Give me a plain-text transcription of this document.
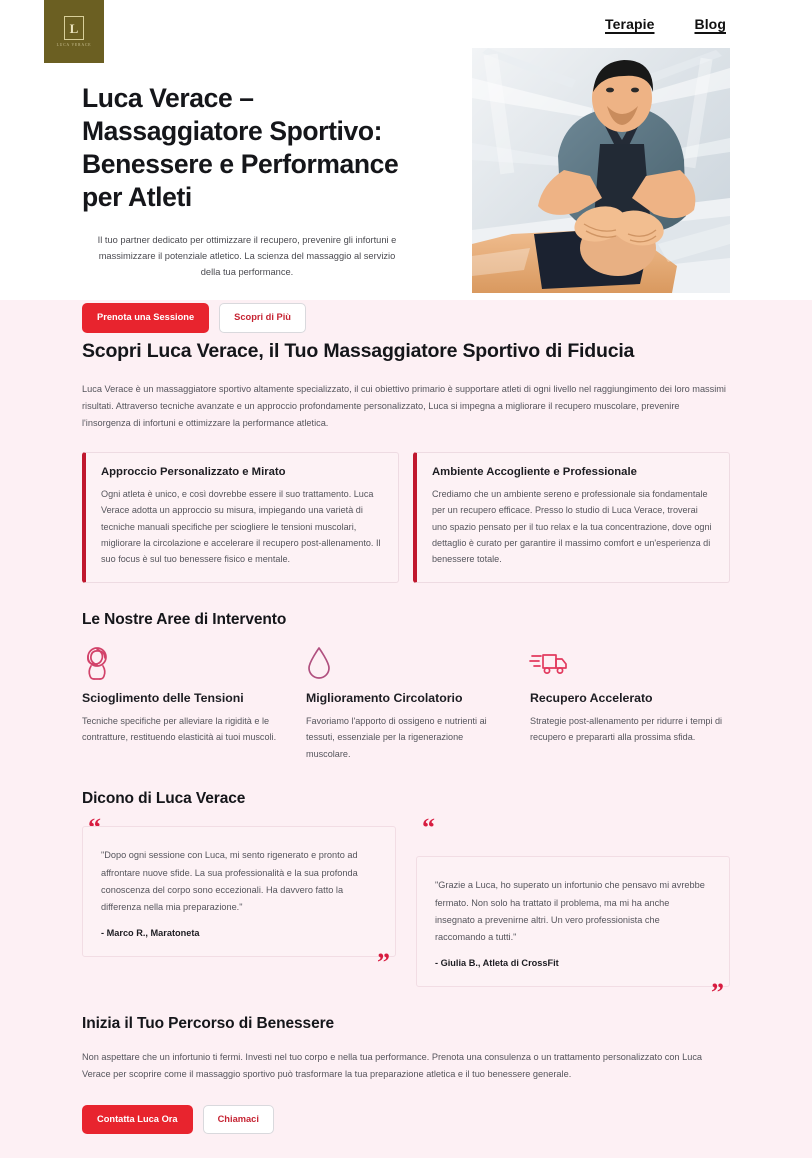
L
LUCA VERACE
Terapie	Blog
Luca Verace – Massaggiatore Sportivo: Benessere e Performance per Atleti

Il tuo partner dedicato per ottimizzare il recupero, prevenire gli infortuni e massimizzare il potenziale atletico. La scienza del massaggio al servizio della tua performance.

Prenota una Sessione	Scopri di Più
Scopri Luca Verace, il Tuo Massaggiatore Sportivo di Fiducia

Luca Verace è un massaggiatore sportivo altamente specializzato, il cui obiettivo primario è supportare atleti di ogni livello nel raggiungimento dei loro massimi risultati. Attraverso tecniche avanzate e un approccio profondamente personalizzato, Luca si impegna a migliorare il recupero muscolare, prevenire l'insorgenza di infortuni e ottimizzare la performance atletica.

Approccio Personalizzato e Mirato

Ogni atleta è unico, e così dovrebbe essere il suo trattamento. Luca Verace adotta un approccio su misura, impiegando una varietà di tecniche manuali specifiche per sciogliere le tensioni muscolari, migliorare la circolazione e accelerare il recupero post-allenamento. Il suo focus è sul tuo benessere fisico e mentale.

Ambiente Accogliente e Professionale

Crediamo che un ambiente sereno e professionale sia fondamentale per un recupero efficace. Presso lo studio di Luca Verace, troverai uno spazio pensato per il tuo relax e la tua concentrazione, dove ogni dettaglio è curato per garantire il massimo comfort e un'esperienza di benessere totale.

Le Nostre Aree di Intervento
Scioglimento delle Tensioni

Tecniche specifiche per alleviare la rigidità e le contratture, restituendo elasticità ai tuoi muscoli.

Miglioramento Circolatorio

Favoriamo l'apporto di ossigeno e nutrienti ai tessuti, essenziale per la rigenerazione muscolare.

Recupero Accelerato

Strategie post-allenamento per ridurre i tempi di recupero e prepararti alla prossima sfida.

Dicono di Luca Verace

"Dopo ogni sessione con Luca, mi sento rigenerato e pronto ad affrontare nuove sfide. La sua professionalità e la sua profonda conoscenza del corpo sono eccezionali. Ha davvero fatto la differenza nella mia preparazione."

- Marco R., Maratoneta
”
“

"Grazie a Luca, ho superato un infortunio che pensavo mi avrebbe fermato. Non solo ha trattato il problema, ma mi ha anche insegnato a prevenirne altri. Un vero professionista che raccomando a tutti."

- Giulia B., Atleta di CrossFit
”
Inizia il Tuo Percorso di Benessere

Non aspettare che un infortunio ti fermi. Investi nel tuo corpo e nella tua performance. Prenota una consulenza o un trattamento personalizzato con Luca Verace per scoprire come il massaggio sportivo può trasformare la tua preparazione atletica e il tuo benessere generale.

Contatta Luca Ora	Chiamaci
